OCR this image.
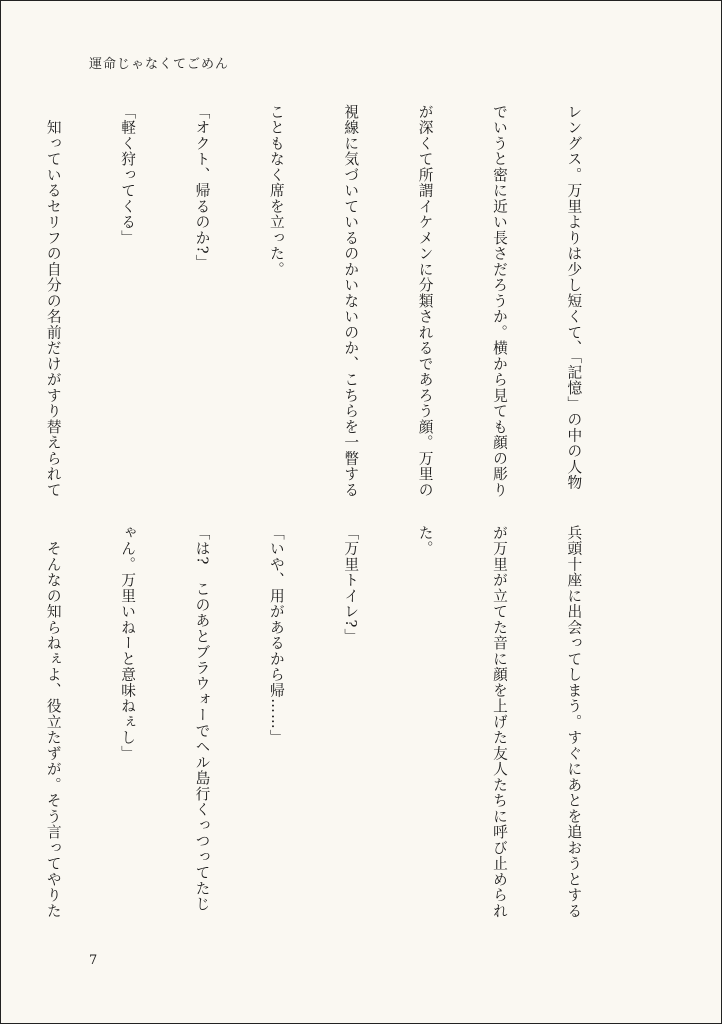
運命じゃなくてごめん

レングス。万里よりは少し短くて、「記憶」の中の人物

でいうと密に近い長さだろうか。横から見ても顔の彫り

が深くて所謂イケメンに分類されるであろう顔。万里の

視線に気づいているのかいないのか、こちらを一瞥する

こともなく席を立った。

「オクト、帰るのか?」

「軽く狩ってくる」

　知っているセリフの自分の名前だけがすり替えられて

兵頭十座に出会ってしまう。すぐにあとを追おうとする

が万里が立てた音に顔を上げた友人たちに呼び止められ

た。

「万里トイレ?」

「いや、用があるから帰……」

「は?　このあとブラウォーでヘル島行くっつってたじ

ゃん。万里いねーと意味ねぇし」

　そんなの知らねぇよ、役立たずが。そう言ってやりた

7
